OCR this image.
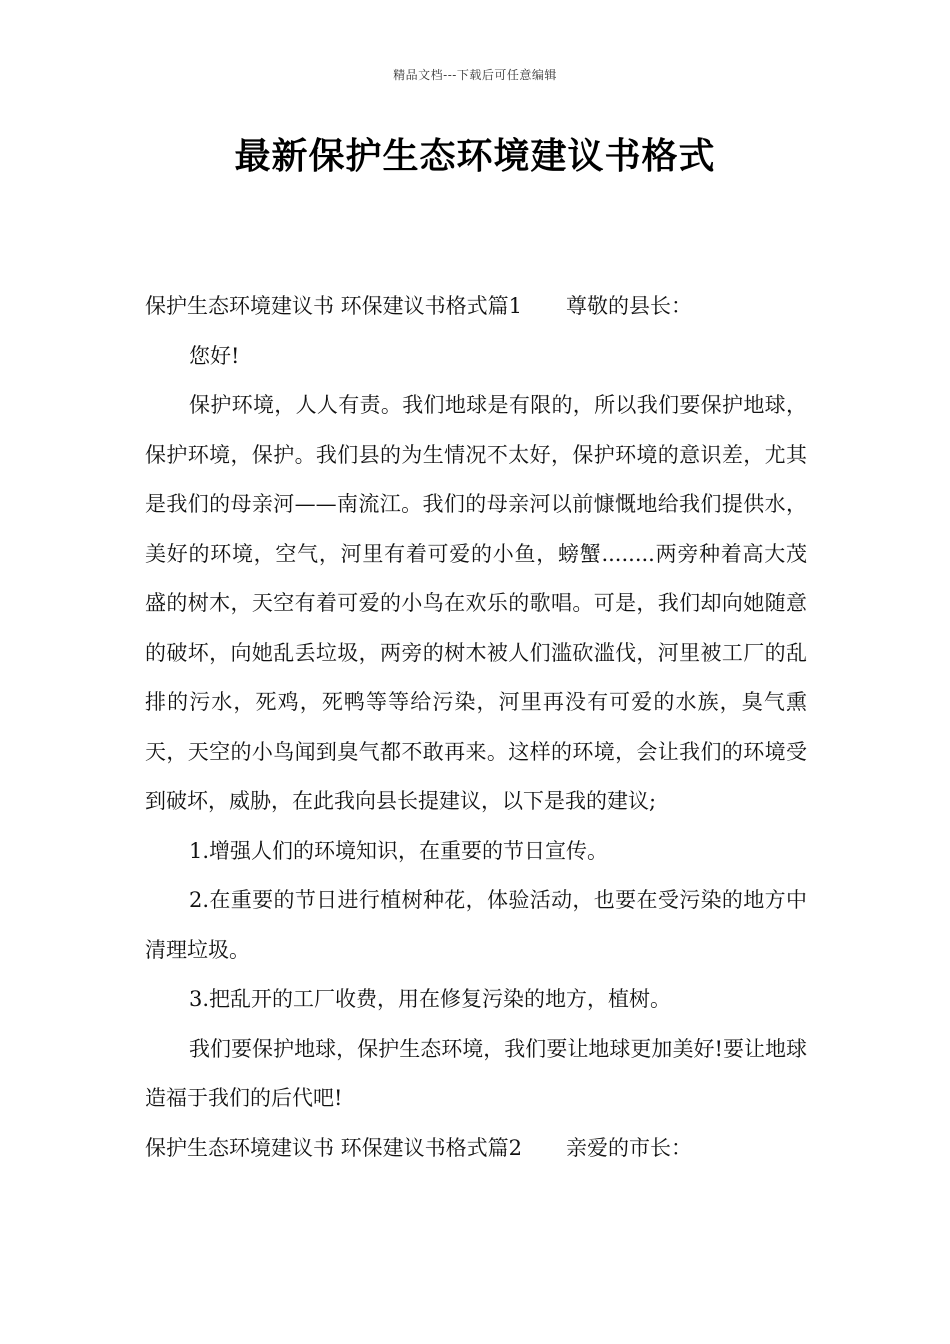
精品文档---下载后可任意编辑
最新保护生态环境建议书格式
保护生态环境建议书 环保建议书格式篇1 尊敬的县长：

您好!

保护环境，人人有责。我们地球是有限的，所以我们要保护地球，保护环境，保护。我们县的为生情况不太好，保护环境的意识差，尤其是我们的母亲河——南流江。我们的母亲河以前慷慨地给我们提供水，美好的环境，空气，河里有着可爱的小鱼，螃蟹........两旁种着高大茂盛的树木，天空有着可爱的小鸟在欢乐的歌唱。可是，我们却向她随意的破坏，向她乱丢垃圾，两旁的树木被人们滥砍滥伐，河里被工厂的乱排的污水，死鸡，死鸭等等给污染，河里再没有可爱的水族，臭气熏天，天空的小鸟闻到臭气都不敢再来。这样的环境，会让我们的环境受到破坏，威胁，在此我向县长提建议，以下是我的建议;

1.增强人们的环境知识，在重要的节日宣传。

2.在重要的节日进行植树种花，体验活动，也要在受污染的地方中清理垃圾。

3.把乱开的工厂收费，用在修复污染的地方，植树。

我们要保护地球，保护生态环境，我们要让地球更加美好!要让地球造福于我们的后代吧!

保护生态环境建议书 环保建议书格式篇2 亲爱的市长：
